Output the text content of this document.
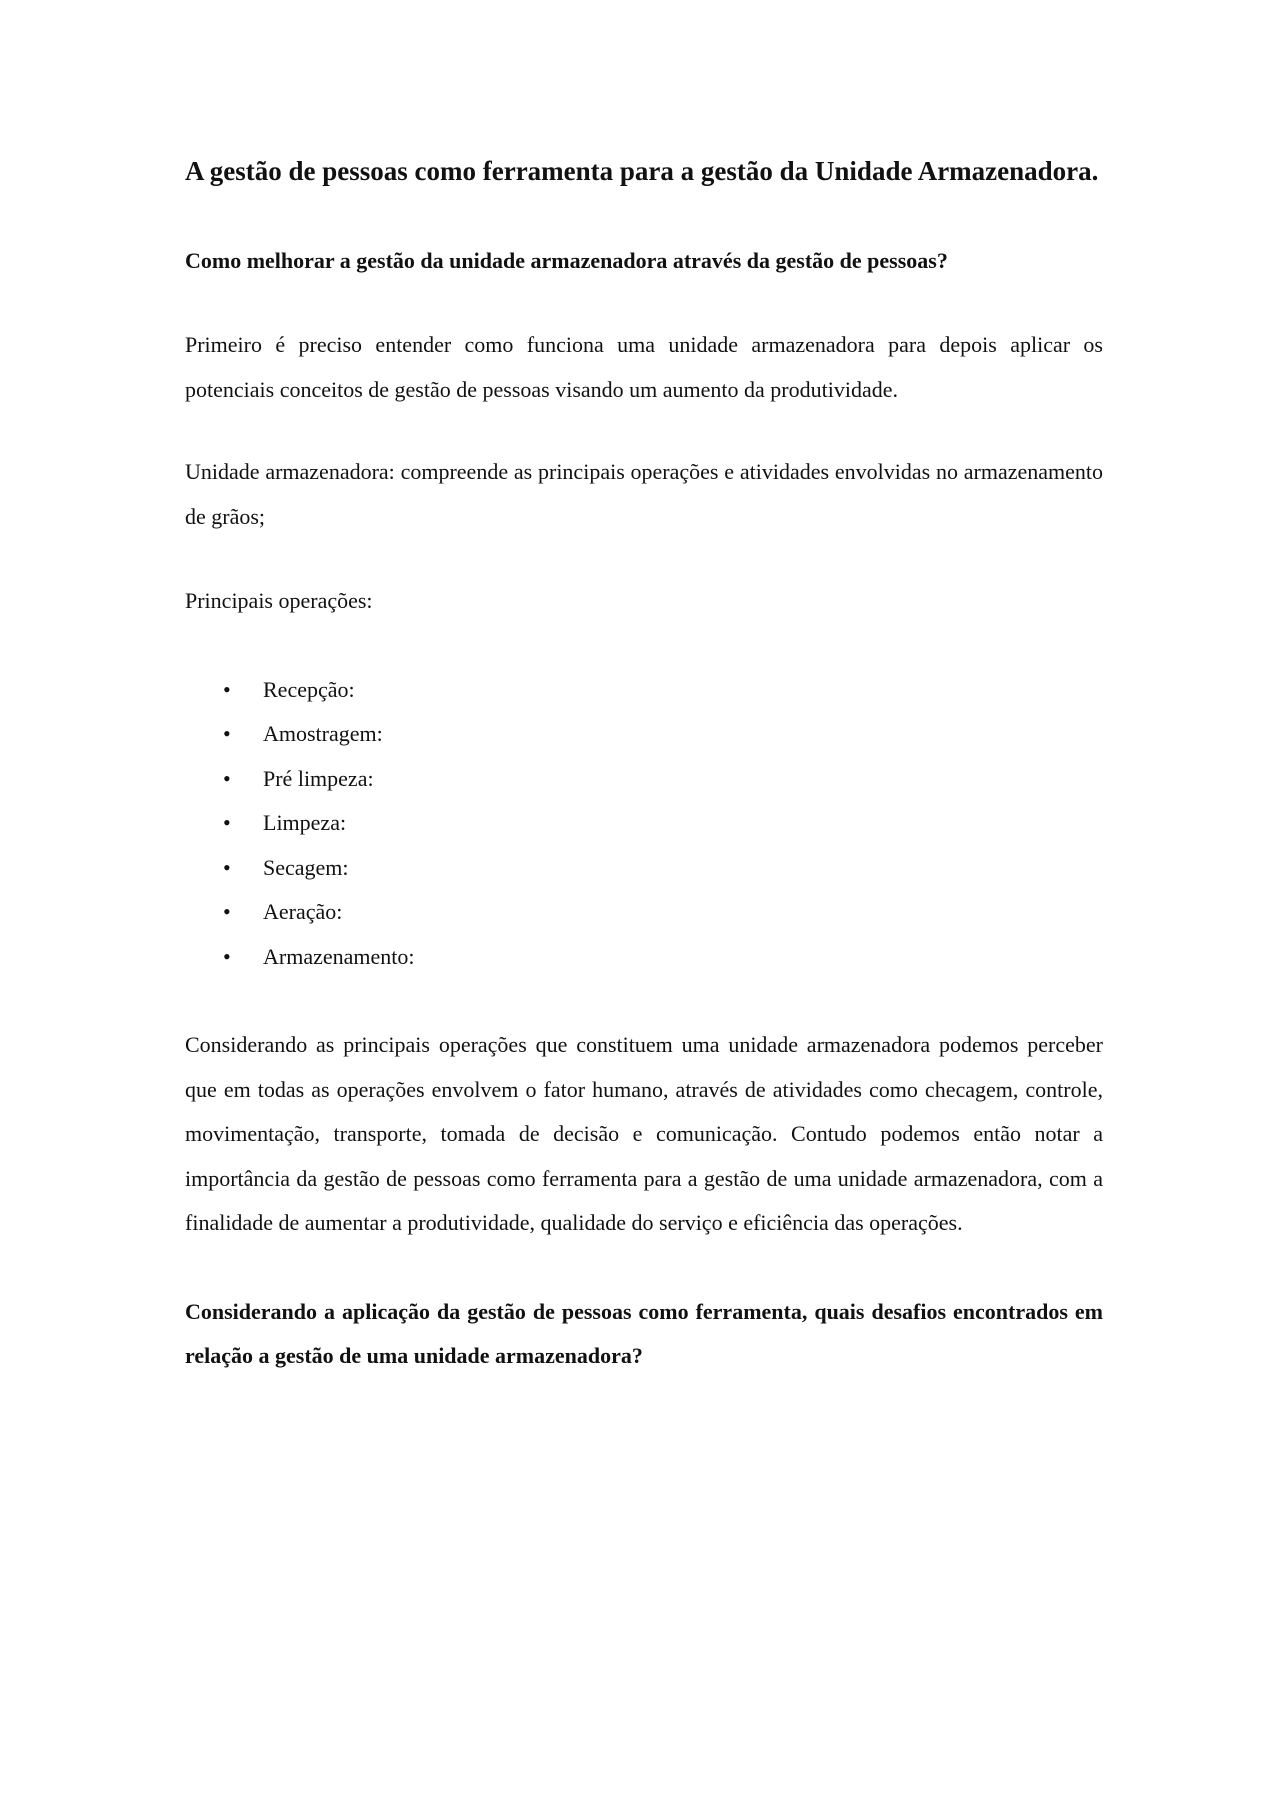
A gestão de pessoas como ferramenta para a gestão da Unidade Armazenadora.

Como melhorar a gestão da unidade armazenadora através da gestão de pessoas?

Primeiro é preciso entender como funciona uma unidade armazenadora para depois aplicar os potenciais conceitos de gestão de pessoas visando um aumento da produtividade.

Unidade armazenadora: compreende as principais operações e atividades envolvidas no armazenamento de grãos;

Principais operações:

• Recepção:
• Amostragem:
• Pré limpeza:
• Limpeza:
• Secagem:
• Aeração:
• Armazenamento:

Considerando as principais operações que constituem uma unidade armazenadora podemos perceber que em todas as operações envolvem o fator humano, através de atividades como checagem, controle, movimentação, transporte, tomada de decisão e comunicação. Contudo podemos então notar a importância da gestão de pessoas como ferramenta para a gestão de uma unidade armazenadora, com a finalidade de aumentar a produtividade, qualidade do serviço e eficiência das operações.

Considerando a aplicação da gestão de pessoas como ferramenta, quais desafios encontrados em relação a gestão de uma unidade armazenadora?
